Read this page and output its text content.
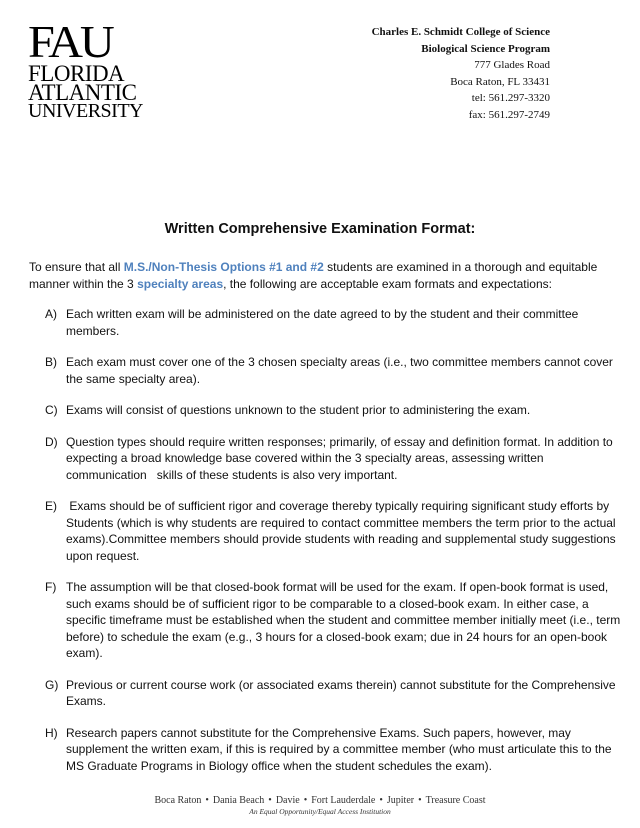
FAU
FLORIDA
ATLANTIC
UNIVERSITY
Charles E. Schmidt College of Science
Biological Science Program
777 Glades Road
Boca Raton, FL 33431
tel: 561.297-3320
fax: 561.297-2749
Written Comprehensive Examination Format:
To ensure that all M.S./Non-Thesis Options #1 and #2 students are examined in a thorough and equitable manner within the 3 specialty areas, the following are acceptable exam formats and expectations:
A) Each written exam will be administered on the date agreed to by the student and their committee members.
B) Each exam must cover one of the 3 chosen specialty areas (i.e., two committee members cannot cover the same specialty area).
C) Exams will consist of questions unknown to the student prior to administering the exam.
D) Question types should require written responses; primarily, of essay and definition format. In addition to expecting a broad knowledge base covered within the 3 specialty areas, assessing written communication   skills of these students is also very important.
E) Exams should be of sufficient rigor and coverage thereby typically requiring significant study efforts by Students (which is why students are required to contact committee members the term prior to the actual exams).Committee members should provide students with reading and supplemental study suggestions upon request.
F) The assumption will be that closed-book format will be used for the exam. If open-book format is used, such exams should be of sufficient rigor to be comparable to a closed-book exam. In either case, a specific timeframe must be established when the student and committee member initially meet (i.e., term before) to schedule the exam (e.g., 3 hours for a closed-book exam; due in 24 hours for an open-book exam).
G) Previous or current course work (or associated exams therein) cannot substitute for the Comprehensive Exams.
H) Research papers cannot substitute for the Comprehensive Exams. Such papers, however, may supplement the written exam, if this is required by a committee member (who must articulate this to the MS Graduate Programs in Biology office when the student schedules the exam).
Boca Raton • Dania Beach • Davie • Fort Lauderdale • Jupiter • Treasure Coast
An Equal Opportunity/Equal Access Institution
